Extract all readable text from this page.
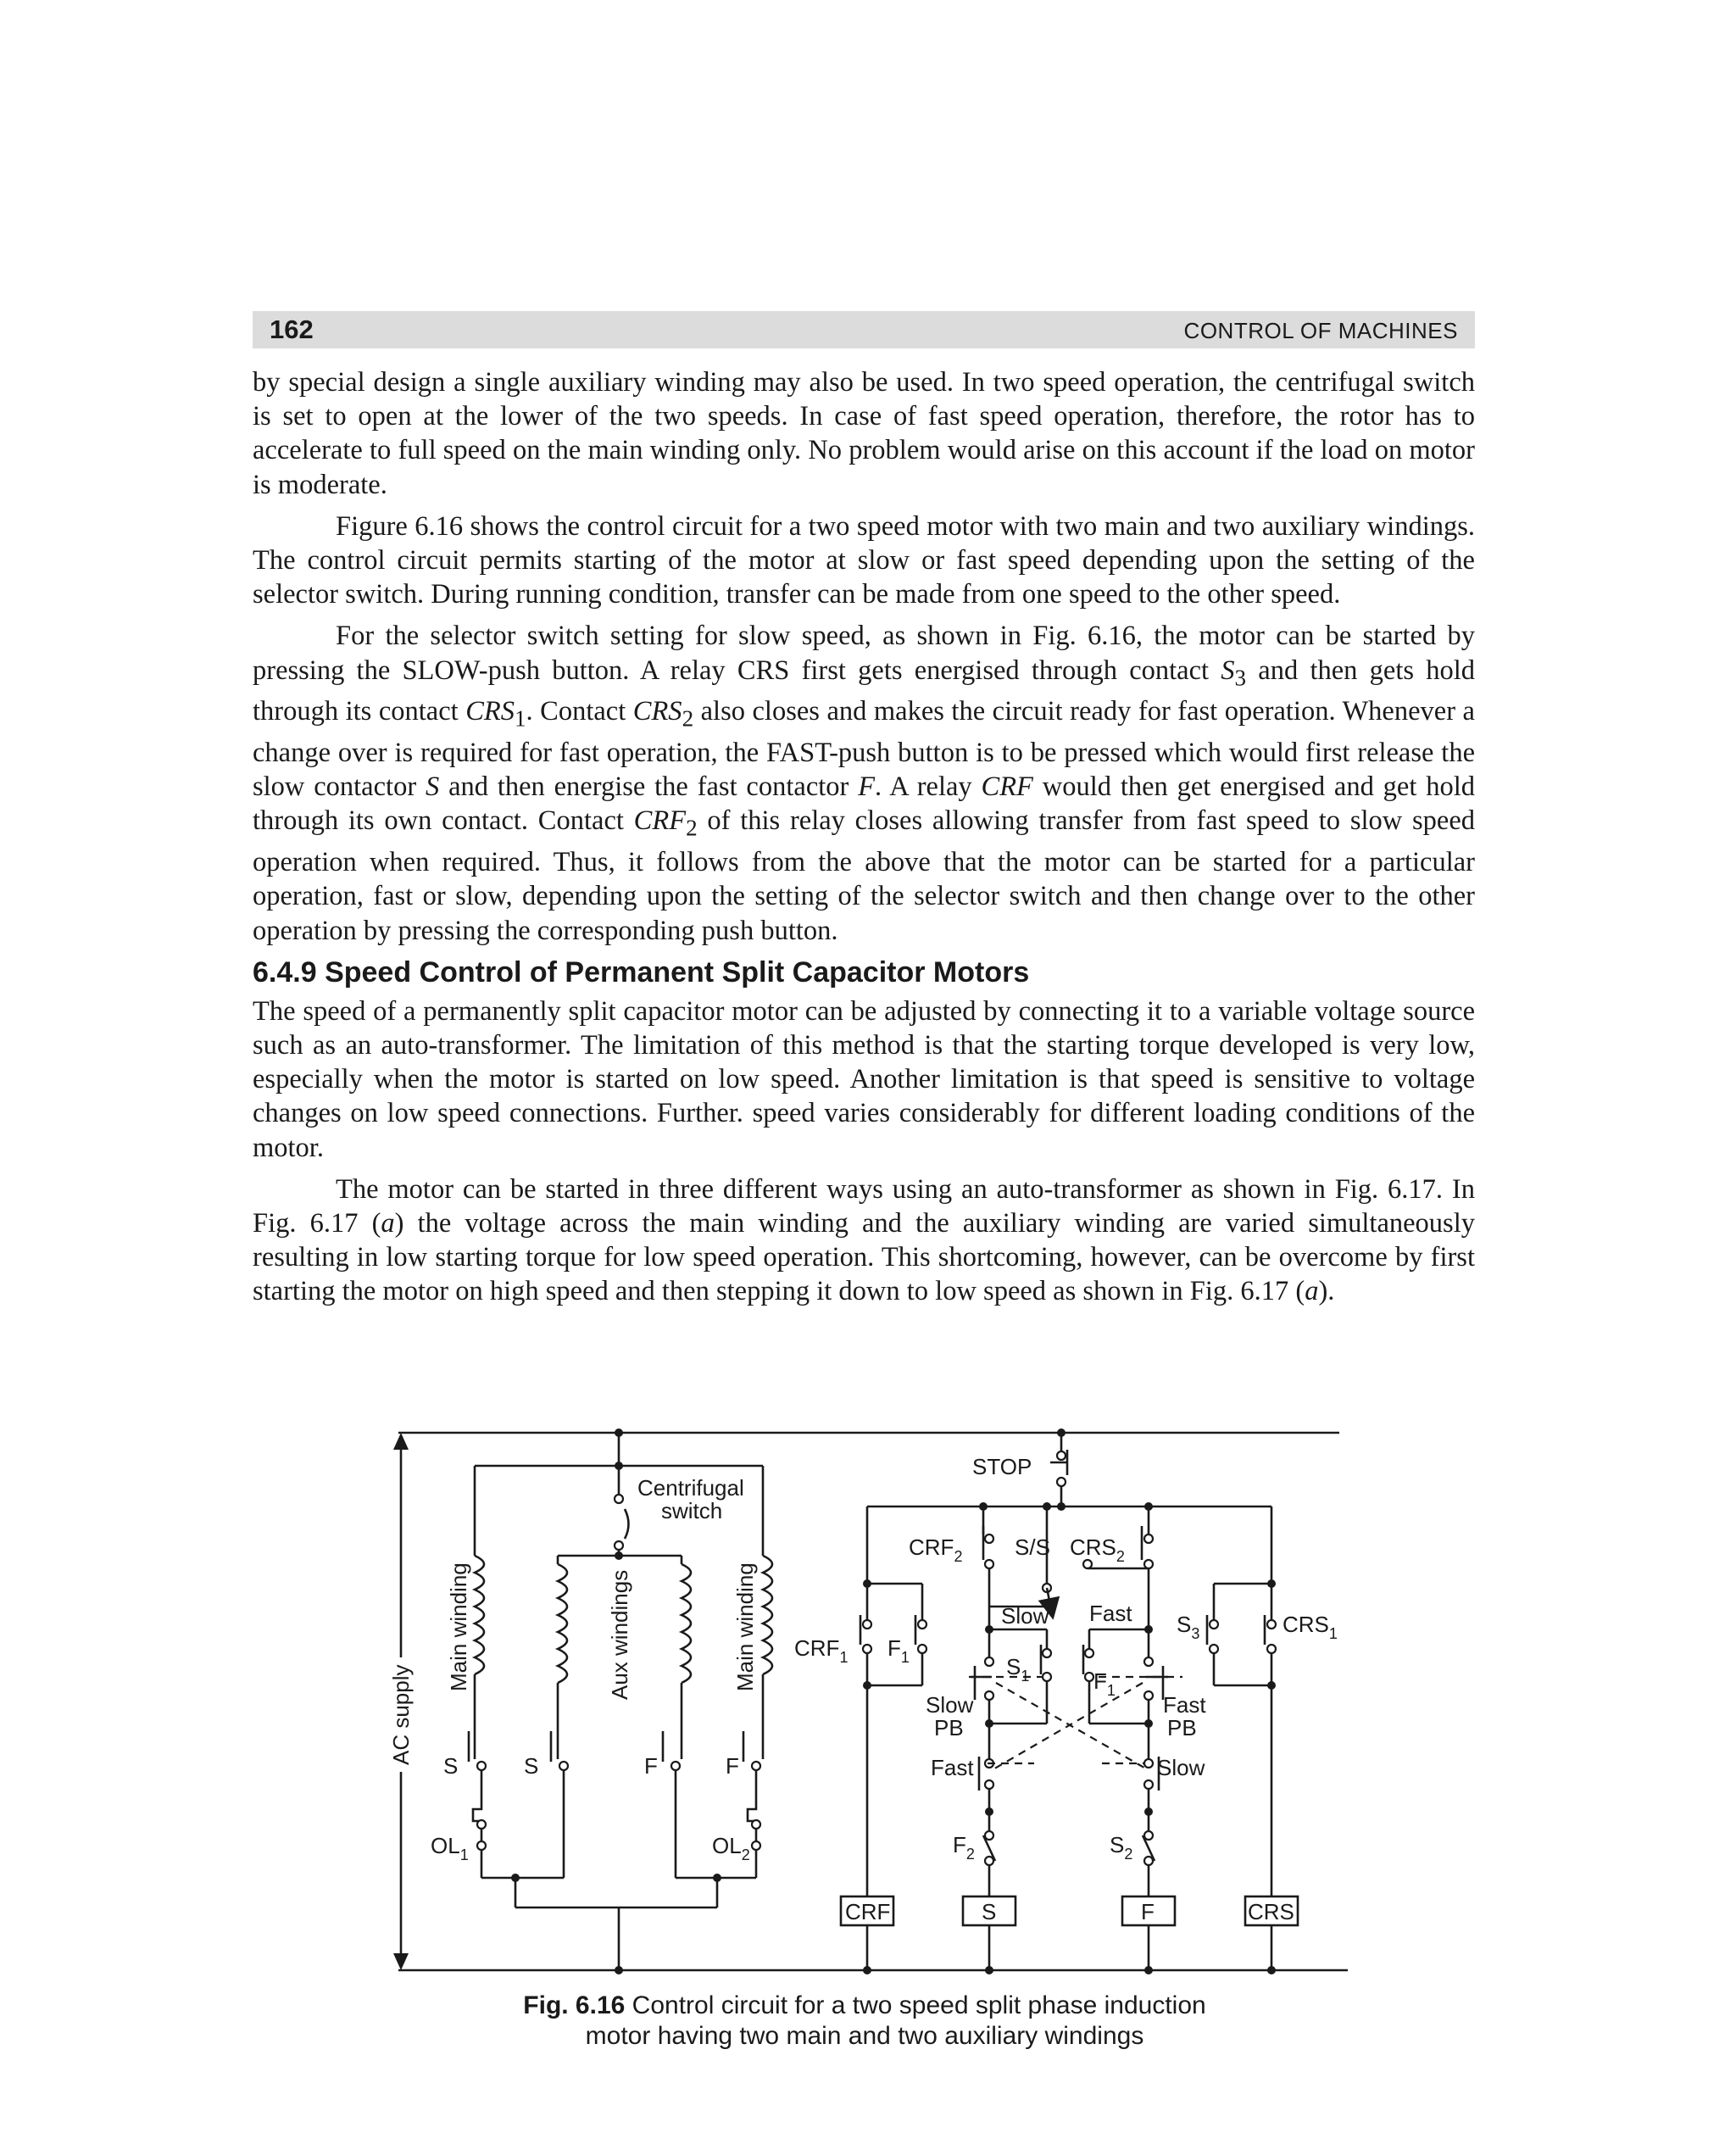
162	CONTROL OF MACHINES

by special design a single auxiliary winding may also be used. In two speed operation, the centrifugal switch is set to open at the lower of the two speeds. In case of fast speed operation, therefore, the rotor has to accelerate to full speed on the main winding only. No problem would arise on this account if the load on motor is moderate.

Figure 6.16 shows the control circuit for a two speed motor with two main and two auxiliary windings. The control circuit permits starting of the motor at slow or fast speed depending upon the setting of the selector switch. During running condition, transfer can be made from one speed to the other speed.

For the selector switch setting for slow speed, as shown in Fig. 6.16, the motor can be started by pressing the SLOW-push button. A relay CRS first gets energised through contact $S_3$ and then gets hold through its contact $CRS_1$. Contact $CRS_2$ also closes and makes the circuit ready for fast operation. Whenever a change over is required for fast operation, the FAST-push button is to be pressed which would first release the slow contactor S and then energise the fast contactor F. A relay CRF would then get energised and get hold through its own contact. Contact $CRF_2$ of this relay closes allowing transfer from fast speed to slow speed operation when required. Thus, it follows from the above that the motor can be started for a particular operation, fast or slow, depending upon the setting of the selector switch and then change over to the other operation by pressing the corresponding push button.

6.4.9 Speed Control of Permanent Split Capacitor Motors

The speed of a permanently split capacitor motor can be adjusted by connecting it to a variable voltage source such as an auto-transformer. The limitation of this method is that the starting torque developed is very low, especially when the motor is started on low speed. Another limitation is that speed is sensitive to voltage changes on low speed connections. Further. speed varies considerably for different loading conditions of the motor.

The motor can be started in three different ways using an auto-transformer as shown in Fig. 6.17. In Fig. 6.17 (a) the voltage across the main winding and the auxiliary winding are varied simultaneously resulting in low starting torque for low speed operation. This shortcoming, however, can be overcome by first starting the motor on high speed and then stepping it down to low speed as shown in Fig. 6.17 (a).

AC supply
Centrifugal
switch
Main winding	Aux windings	Main winding
S	S	F	F
$OL_1$	$OL_2$
STOP
$CRF_2$ S/S $CRS_2$
Slow Fast
$CRF_1$ $F_1$	$S_1$	$F_1$
$S_3$	$CRS_1$
Slow
PB
Fast
PB
Fast	Slow
$F_2$	$S_2$
CRF	S	F	CRS
Fig. 6.16 Control circuit for a two speed split phase induction
motor having two main and two auxiliary windings
